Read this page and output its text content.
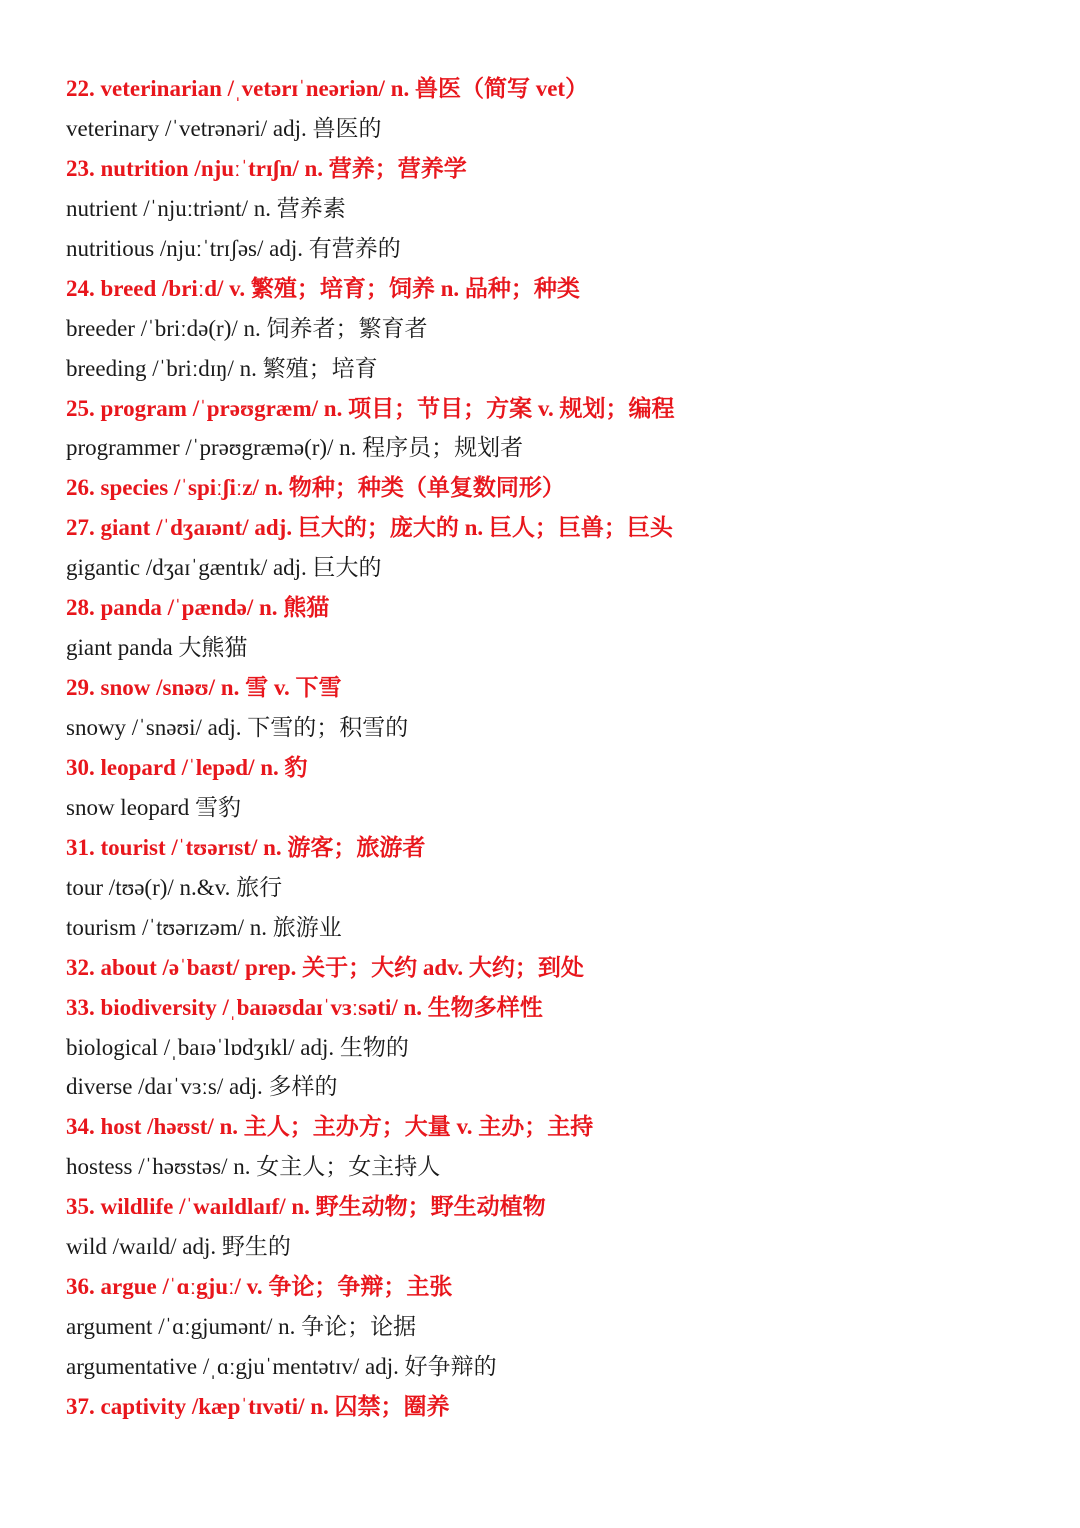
22. veterinarian /ˌvetərɪˈneəriən/ n. 兽医（简写 vet）
veterinary /ˈvetrənəri/ adj. 兽医的
23. nutrition /njuːˈtrɪʃn/ n. 营养；营养学
nutrient /ˈnjuːtriənt/ n. 营养素
nutritious /njuːˈtrɪʃəs/ adj. 有营养的
24. breed /briːd/ v. 繁殖；培育；饲养 n. 品种；种类
breeder /ˈbriːdə(r)/ n. 饲养者；繁育者
breeding /ˈbriːdɪŋ/ n. 繁殖；培育
25. program /ˈprəʊgræm/ n. 项目；节目；方案 v. 规划；编程
programmer /ˈprəʊgræmə(r)/ n. 程序员；规划者
26. species /ˈspiːʃiːz/ n. 物种；种类（单复数同形）
27. giant /ˈdʒaɪənt/ adj. 巨大的；庞大的 n. 巨人；巨兽；巨头
gigantic /dʒaɪˈgæntɪk/ adj. 巨大的
28. panda /ˈpændə/ n. 熊猫
giant panda 大熊猫
29. snow /snəʊ/ n. 雪 v. 下雪
snowy /ˈsnəʊi/ adj. 下雪的；积雪的
30. leopard /ˈlepəd/ n. 豹
snow leopard 雪豹
31. tourist /ˈtʊərɪst/ n. 游客；旅游者
tour /tʊə(r)/ n.&v. 旅行
tourism /ˈtʊərɪzəm/ n. 旅游业
32. about /əˈbaʊt/ prep. 关于；大约 adv. 大约；到处
33. biodiversity /ˌbaɪəʊdaɪˈvɜːsəti/ n. 生物多样性
biological /ˌbaɪəˈlɒdʒɪkl/ adj. 生物的
diverse /daɪˈvɜːs/ adj. 多样的
34. host /həʊst/ n. 主人；主办方；大量 v. 主办；主持
hostess /ˈhəʊstəs/ n. 女主人；女主持人
35. wildlife /ˈwaɪldlaɪf/ n. 野生动物；野生动植物
wild /waɪld/ adj. 野生的
36. argue /ˈɑːgjuː/ v. 争论；争辩；主张
argument /ˈɑːgjumənt/ n. 争论；论据
argumentative /ˌɑːgjuˈmentətɪv/ adj. 好争辩的
37. captivity /kæpˈtɪvəti/ n. 囚禁；圈养
